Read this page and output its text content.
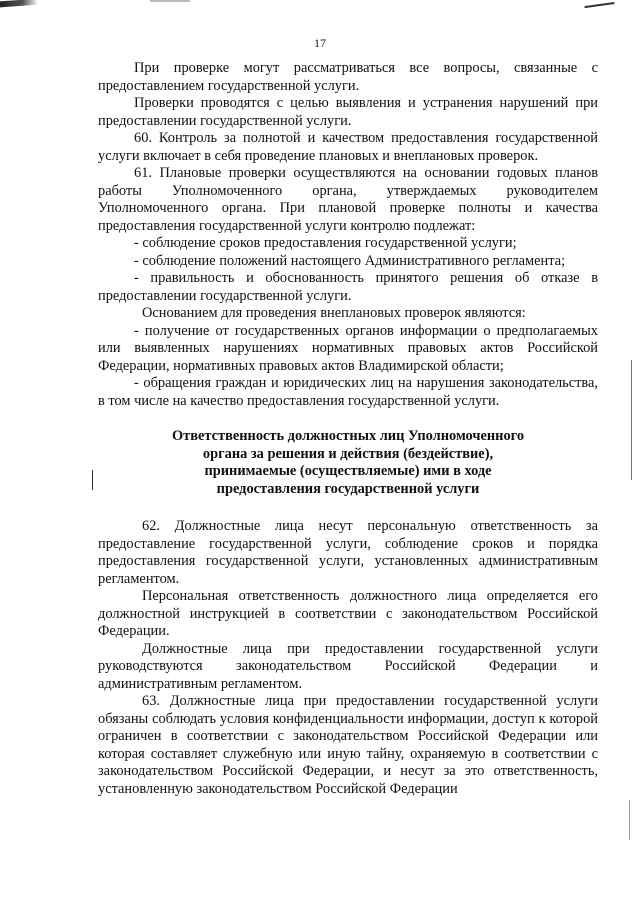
17

При проверке могут рассматриваться все вопросы, связанные с предоставлением государственной услуги.

Проверки проводятся с целью выявления и устранения нарушений при предоставлении государственной услуги.

60. Контроль за полнотой и качеством предоставления государственной услуги включает в себя проведение плановых и внеплановых проверок.

61. Плановые проверки осуществляются на основании годовых планов работы Уполномоченного органа, утверждаемых руководителем Уполномоченного органа. При плановой проверке полноты и качества предоставления государственной услуги контролю подлежат:

- соблюдение сроков предоставления государственной услуги;

- соблюдение положений настоящего Административного регламента;

- правильность и обоснованность принятого решения об отказе в предоставлении государственной услуги.

Основанием для проведения внеплановых проверок являются:

- получение от государственных органов информации о предполагаемых или выявленных нарушениях нормативных правовых актов Российской Федерации, нормативных правовых актов Владимирской области;

- обращения граждан и юридических лиц на нарушения законодательства, в том числе на качество предоставления государственной услуги.

Ответственность должностных лиц Уполномоченного
органа за решения и действия (бездействие),
принимаемые (осуществляемые) ими в ходе
предоставления государственной услуги

62. Должностные лица несут персональную ответственность за предоставление государственной услуги, соблюдение сроков и порядка предоставления государственной услуги, установленных административным регламентом.

Персональная ответственность должностного лица определяется его должностной инструкцией в соответствии с законодательством Российской Федерации.

Должностные лица при предоставлении государственной услуги руководствуются законодательством Российской Федерации и административным регламентом.

63. Должностные лица при предоставлении государственной услуги обязаны соблюдать условия конфиденциальности информации, доступ к которой ограничен в соответствии с законодательством Российской Федерации или которая составляет служебную или иную тайну, охраняемую в соответствии с законодательством Российской Федерации, и несут за это ответственность, установленную законодательством Российской Федерации
